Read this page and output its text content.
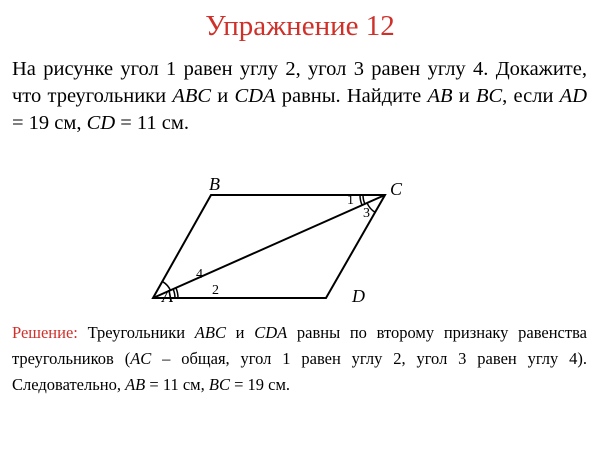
Упражнение 12
На рисунке угол 1 равен углу 2, угол 3 равен углу 4. Докажите, что треугольники ABC и CDA равны. Найдите AB и BC, если AD = 19 см, CD = 11 см.
B	C
A	D
1
3
4
2
Решение: Треугольники ABC и CDA равны по второму признаку равенства треугольников (AC – общая, угол 1 равен углу 2, угол 3 равен углу 4). Следовательно, AB = 11 см, BC = 19 см.
